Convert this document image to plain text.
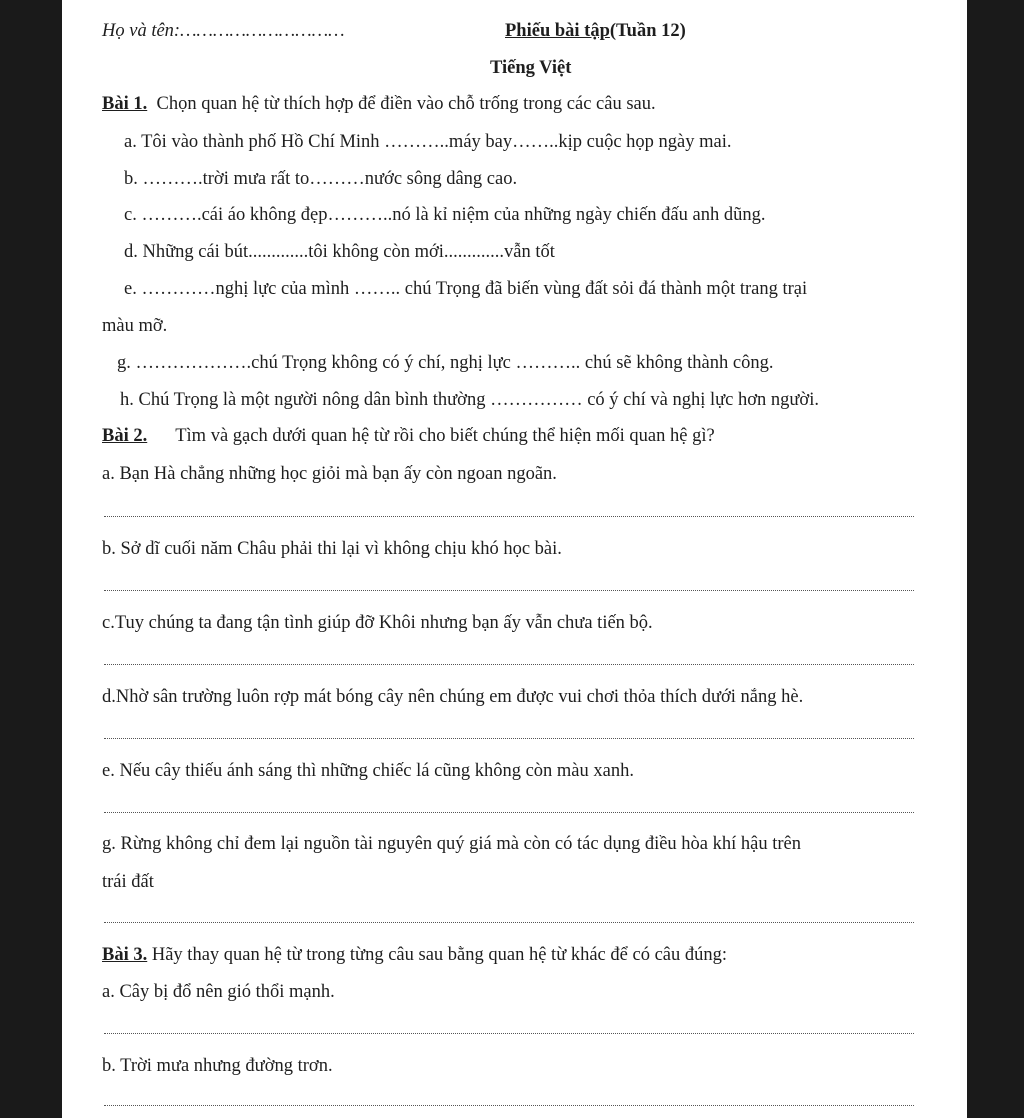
Họ và tên:…………………………	Phiếu bài tập(Tuần 12)
Tiếng Việt
Bài 1. Chọn quan hệ từ thích hợp để điền vào chỗ trống trong các câu sau.
a. Tôi vào thành phố Hồ Chí Minh ………..máy bay……..kịp cuộc họp ngày mai.
b. ……….trời mưa rất to………nước sông dâng cao.
c. ……….cái áo không đẹp………..nó là kỉ niệm của những ngày chiến đấu anh dũng.
d. Những cái bút.............tôi không còn mới.............vẫn tốt
e. …………nghị lực của mình …….. chú Trọng đã biến vùng đất sỏi đá thành một trang trại
màu mỡ.
g. ……………….chú Trọng không có ý chí, nghị lực ……….. chú sẽ không thành công.
h. Chú Trọng là một người nông dân bình thường …………… có ý chí và nghị lực hơn người.
Bài 2. Tìm và gạch dưới quan hệ từ rồi cho biết chúng thể hiện mối quan hệ gì?
a. Bạn Hà chẳng những học giỏi mà bạn ấy còn ngoan ngoãn.
b. Sở dĩ cuối năm Châu phải thi lại vì không chịu khó học bài.
c.Tuy chúng ta đang tận tình giúp đỡ Khôi nhưng bạn ấy vẫn chưa tiến bộ.
d.Nhờ sân trường luôn rợp mát bóng cây nên chúng em được vui chơi thỏa thích dưới nắng hè.
e. Nếu cây thiếu ánh sáng thì những chiếc lá cũng không còn màu xanh.
g. Rừng không chỉ đem lại nguồn tài nguyên quý giá mà còn có tác dụng điều hòa khí hậu trên
trái đất
Bài 3. Hãy thay quan hệ từ trong từng câu sau bằng quan hệ từ khác để có câu đúng:
a. Cây bị đổ nên gió thổi mạnh.
b. Trời mưa nhưng đường trơn.
